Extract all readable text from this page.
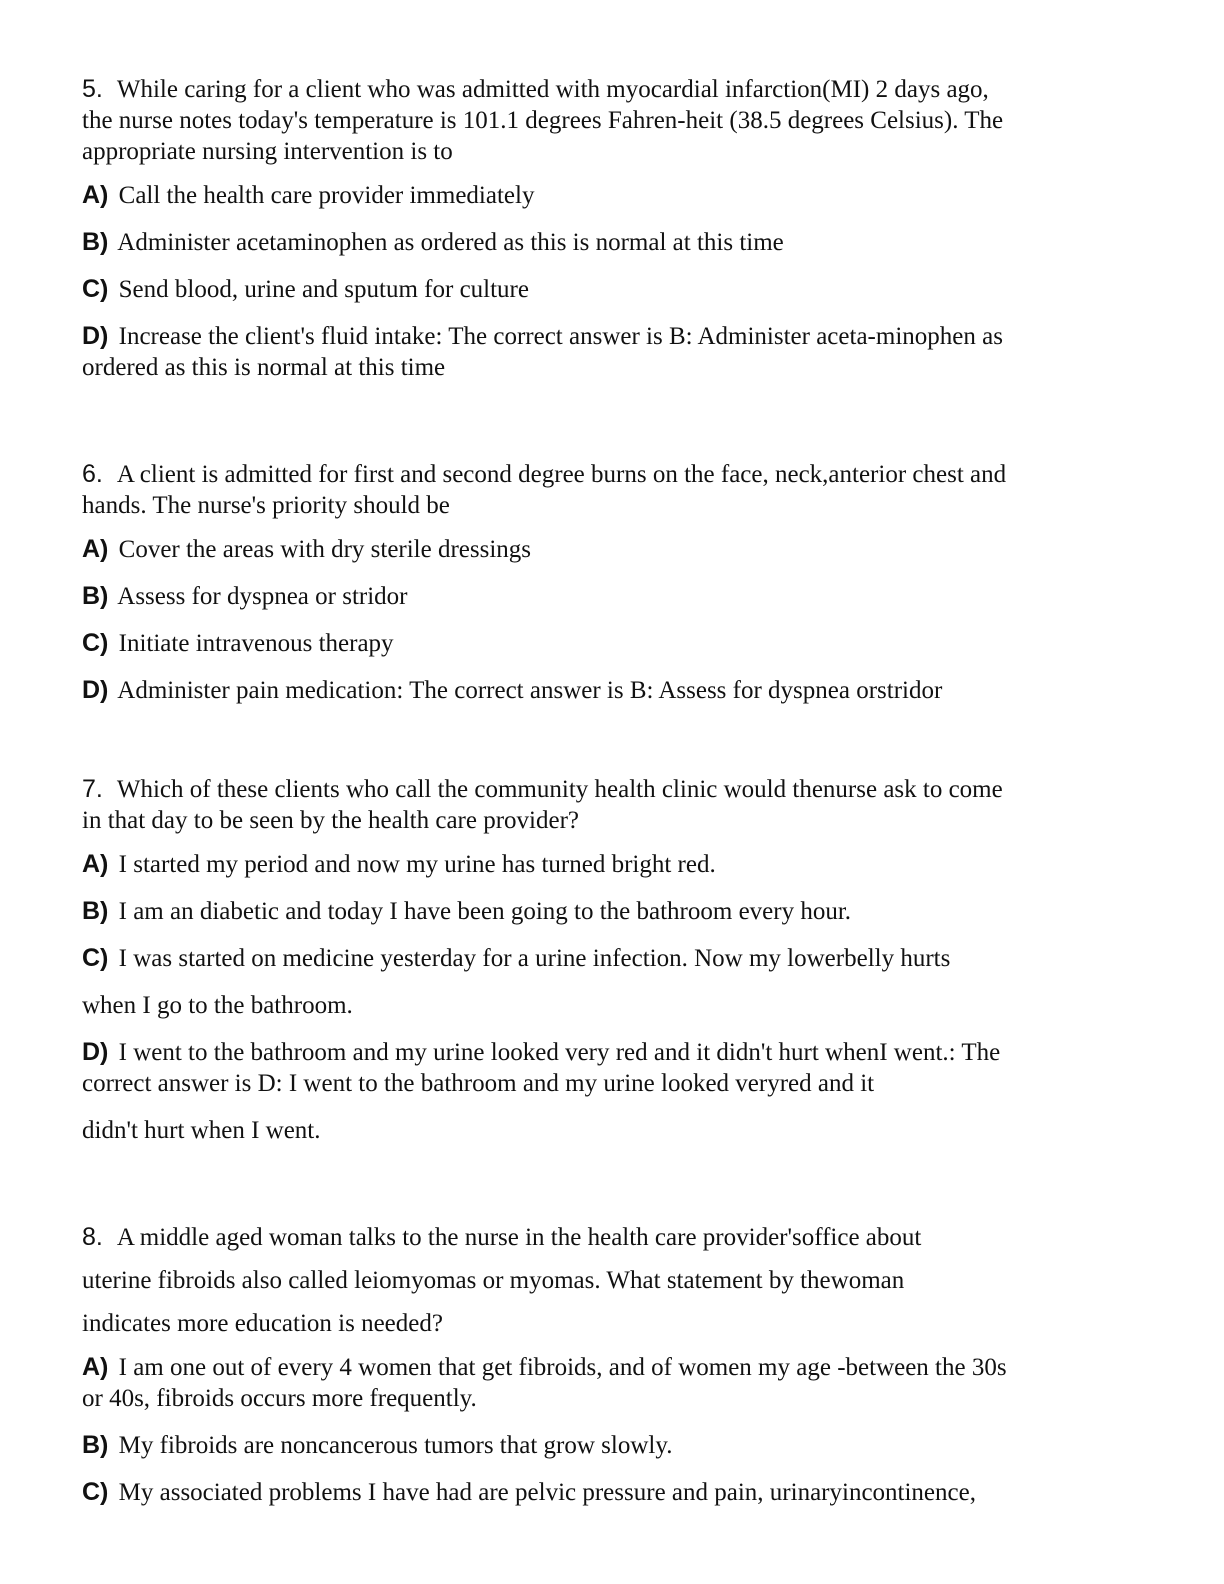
5. While caring for a client who was admitted with myocardial infarction(MI) 2 days ago,
the nurse notes today's temperature is 101.1 degrees Fahren-heit (38.5 degrees Celsius). The
appropriate nursing intervention is to
A) Call the health care provider immediately
B) Administer acetaminophen as ordered as this is normal at this time
C) Send blood, urine and sputum for culture
D) Increase the client's fluid intake: The correct answer is B: Administer aceta-minophen as
ordered as this is normal at this time
6. A client is admitted for first and second degree burns on the face, neck,anterior chest and
hands. The nurse's priority should be
A) Cover the areas with dry sterile dressings
B) Assess for dyspnea or stridor
C) Initiate intravenous therapy
D) Administer pain medication: The correct answer is B: Assess for dyspnea orstridor
7. Which of these clients who call the community health clinic would thenurse ask to come
in that day to be seen by the health care provider?
A) I started my period and now my urine has turned bright red.
B) I am an diabetic and today I have been going to the bathroom every hour.
C) I was started on medicine yesterday for a urine infection. Now my lowerbelly hurts
when I go to the bathroom.
D) I went to the bathroom and my urine looked very red and it didn't hurt whenI went.: The
correct answer is D: I went to the bathroom and my urine looked veryred and it
didn't hurt when I went.
8. A middle aged woman talks to the nurse in the health care provider'soffice about
uterine fibroids also called leiomyomas or myomas. What statement by thewoman
indicates more education is needed?
A) I am one out of every 4 women that get fibroids, and of women my age -between the 30s
or 40s, fibroids occurs more frequently.
B) My fibroids are noncancerous tumors that grow slowly.
C) My associated problems I have had are pelvic pressure and pain, urinaryincontinence,
